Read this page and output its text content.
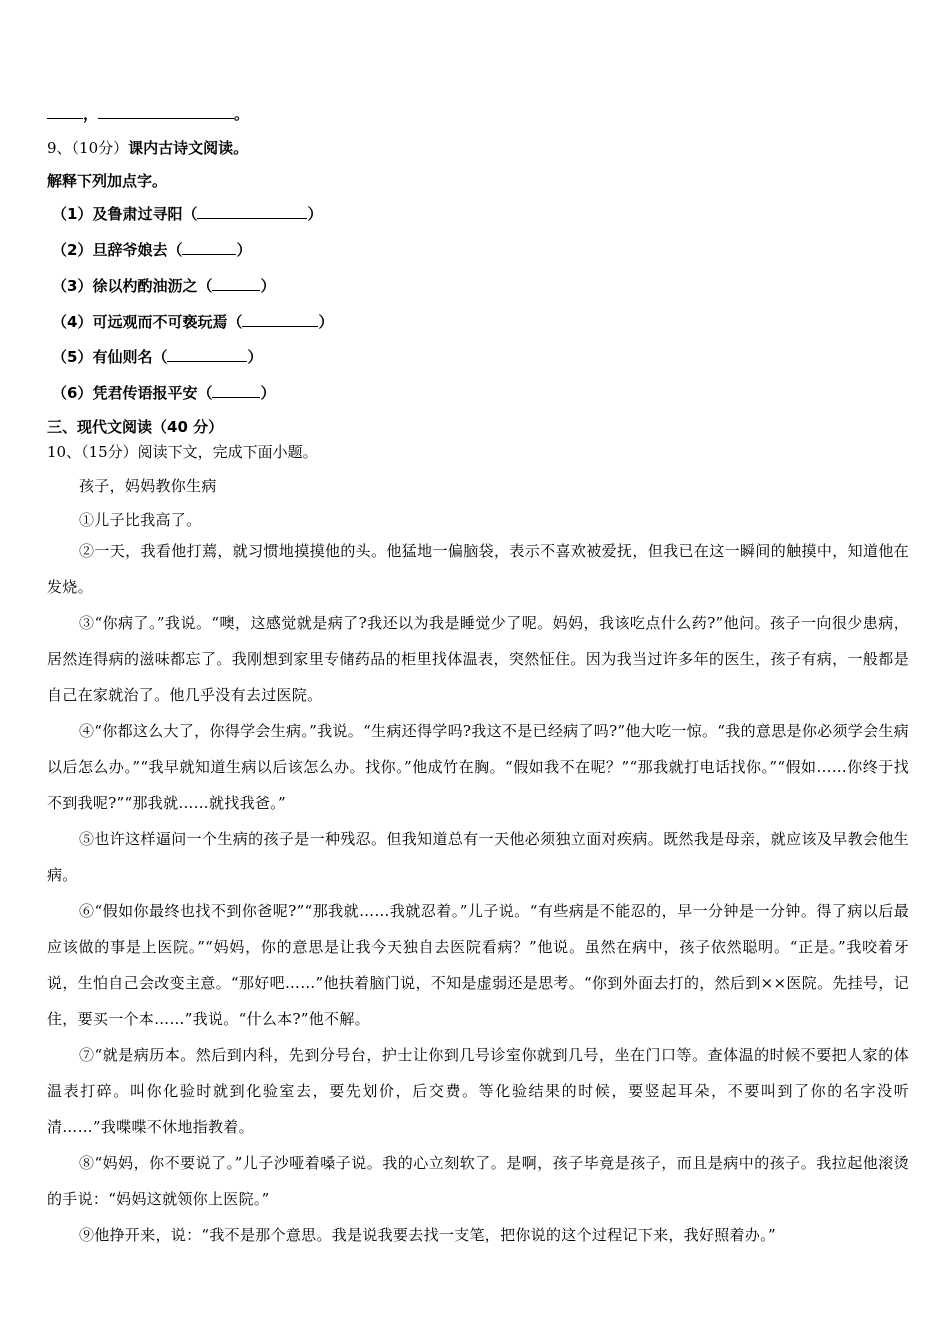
，	。
9、（10分）课内古诗文阅读。
解释下列加点字。
（1）及鲁肃过寻阳（	）
（2）旦辞爷娘去（	）
（3）徐以杓酌油沥之（	）
（4）可远观而不可亵玩焉（	）
（5）有仙则名（	）
（6）凭君传语报平安（	）
三、现代文阅读（40 分）
10、（15分）阅读下文，完成下面小题。
孩子，妈妈教你生病
①儿子比我高了。
②一天，我看他打蔫，就习惯地摸摸他的头。他猛地一偏脑袋，表示不喜欢被爱抚，但我已在这一瞬间的触摸中，知道他在发烧。
③“你病了。”我说。“噢，这感觉就是病了?我还以为我是睡觉少了呢。妈妈，我该吃点什么药?”他问。孩子一向很少患病，居然连得病的滋味都忘了。我刚想到家里专储药品的柜里找体温表，突然怔住。因为我当过许多年的医生，孩子有病，一般都是自己在家就治了。他几乎没有去过医院。
④“你都这么大了，你得学会生病。”我说。“生病还得学吗?我这不是已经病了吗?”他大吃一惊。“我的意思是你必须学会生病以后怎么办。”“我早就知道生病以后该怎么办。找你。”他成竹在胸。“假如我不在呢？”“那我就打电话找你。”“假如……你终于找不到我呢?”“那我就……就找我爸。”
⑤也许这样逼问一个生病的孩子是一种残忍。但我知道总有一天他必须独立面对疾病。既然我是母亲，就应该及早教会他生病。
⑥“假如你最终也找不到你爸呢?”“那我就……我就忍着。”儿子说。“有些病是不能忍的，早一分钟是一分钟。得了病以后最应该做的事是上医院。”“妈妈，你的意思是让我今天独自去医院看病？”他说。虽然在病中，孩子依然聪明。“正是。”我咬着牙说，生怕自己会改变主意。“那好吧……”他扶着脑门说，不知是虚弱还是思考。“你到外面去打的，然后到××医院。先挂号，记住，要买一个本……”我说。“什么本?”他不解。
⑦“就是病历本。然后到内科，先到分号台，护士让你到几号诊室你就到几号，坐在门口等。查体温的时候不要把人家的体温表打碎。叫你化验时就到化验室去，要先划价，后交费。等化验结果的时候，要竖起耳朵，不要叫到了你的名字没听清……”我喋喋不休地指教着。
⑧“妈妈，你不要说了。”儿子沙哑着嗓子说。我的心立刻软了。是啊，孩子毕竟是孩子，而且是病中的孩子。我拉起他滚烫的手说：“妈妈这就领你上医院。”
⑨他挣开来，说：“我不是那个意思。我是说我要去找一支笔，把你说的这个过程记下来，我好照着办。”
